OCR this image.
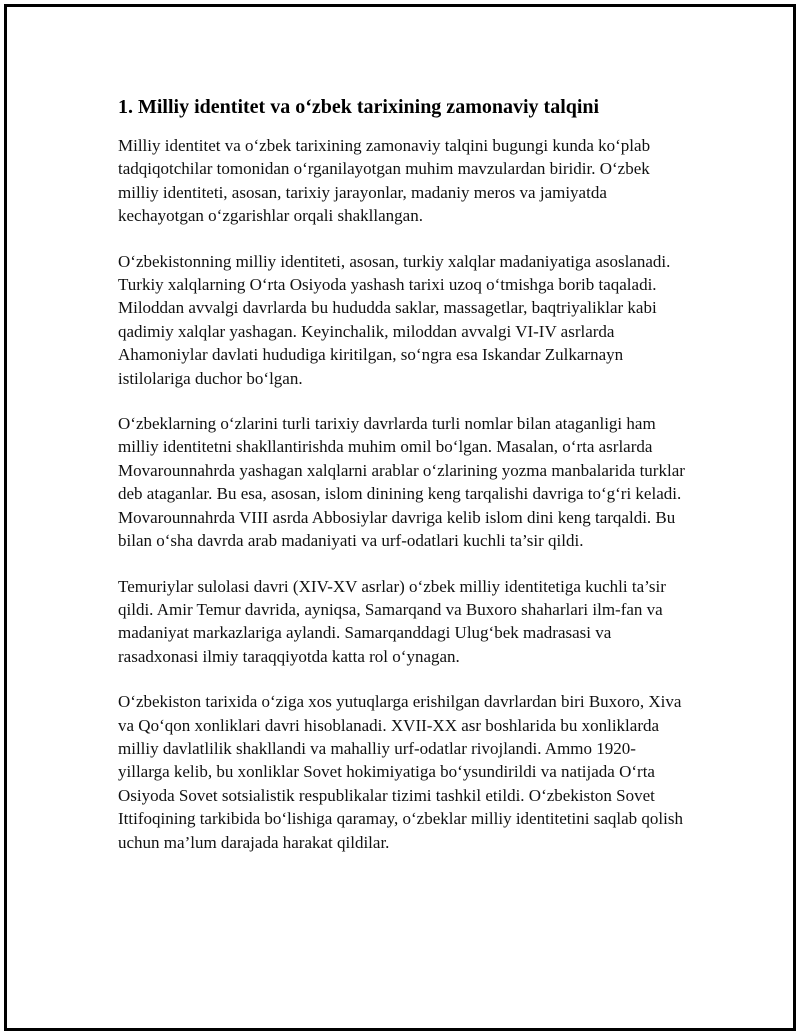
1. Milliy identitet va o‘zbek tarixining zamonaviy talqini

Milliy identitet va o‘zbek tarixining zamonaviy talqini bugungi kunda ko‘plab tadqiqotchilar tomonidan o‘rganilayotgan muhim mavzulardan biridir. O‘zbek milliy identiteti, asosan, tarixiy jarayonlar, madaniy meros va jamiyatda kechayotgan o‘zgarishlar orqali shakllangan.

O‘zbekistonning milliy identiteti, asosan, turkiy xalqlar madaniyatiga asoslanadi. Turkiy xalqlarning O‘rta Osiyoda yashash tarixi uzoq o‘tmishga borib taqaladi. Miloddan avvalgi davrlarda bu hududda saklar, massagetlar, baqtriyaliklar kabi qadimiy xalqlar yashagan. Keyinchalik, miloddan avvalgi VI-IV asrlarda Ahamoniylar davlati hududiga kiritilgan, so‘ngra esa Iskandar Zulkarnayn istilolariga duchor bo‘lgan.

O‘zbeklarning o‘zlarini turli tarixiy davrlarda turli nomlar bilan ataganligi ham milliy identitetni shakllantirishda muhim omil bo‘lgan. Masalan, o‘rta asrlarda Movarounnahrda yashagan xalqlarni arablar o‘zlarining yozma manbalarida turklar deb ataganlar. Bu esa, asosan, islom dinining keng tarqalishi davriga to‘g‘ri keladi. Movarounnahrda VIII asrda Abbosiylar davriga kelib islom dini keng tarqaldi. Bu bilan o‘sha davrda arab madaniyati va urf-odatlari kuchli ta’sir qildi.

Temuriylar sulolasi davri (XIV-XV asrlar) o‘zbek milliy identitetiga kuchli ta’sir qildi. Amir Temur davrida, ayniqsa, Samarqand va Buxoro shaharlari ilm-fan va madaniyat markazlariga aylandi. Samarqanddagi Ulug‘bek madrasasi va rasadxonasi ilmiy taraqqiyotda katta rol o‘ynagan.

O‘zbekiston tarixida o‘ziga xos yutuqlarga erishilgan davrlardan biri Buxoro, Xiva va Qo‘qon xonliklari davri hisoblanadi. XVII-XX asr boshlarida bu xonliklarda milliy davlatlilik shakllandi va mahalliy urf-odatlar rivojlandi. Ammo 1920-yillarga kelib, bu xonliklar Sovet hokimiyatiga bo‘ysundirildi va natijada O‘rta Osiyoda Sovet sotsialistik respublikalar tizimi tashkil etildi. O‘zbekiston Sovet Ittifoqining tarkibida bo‘lishiga qaramay, o‘zbeklar milliy identitetini saqlab qolish uchun ma’lum darajada harakat qildilar.
